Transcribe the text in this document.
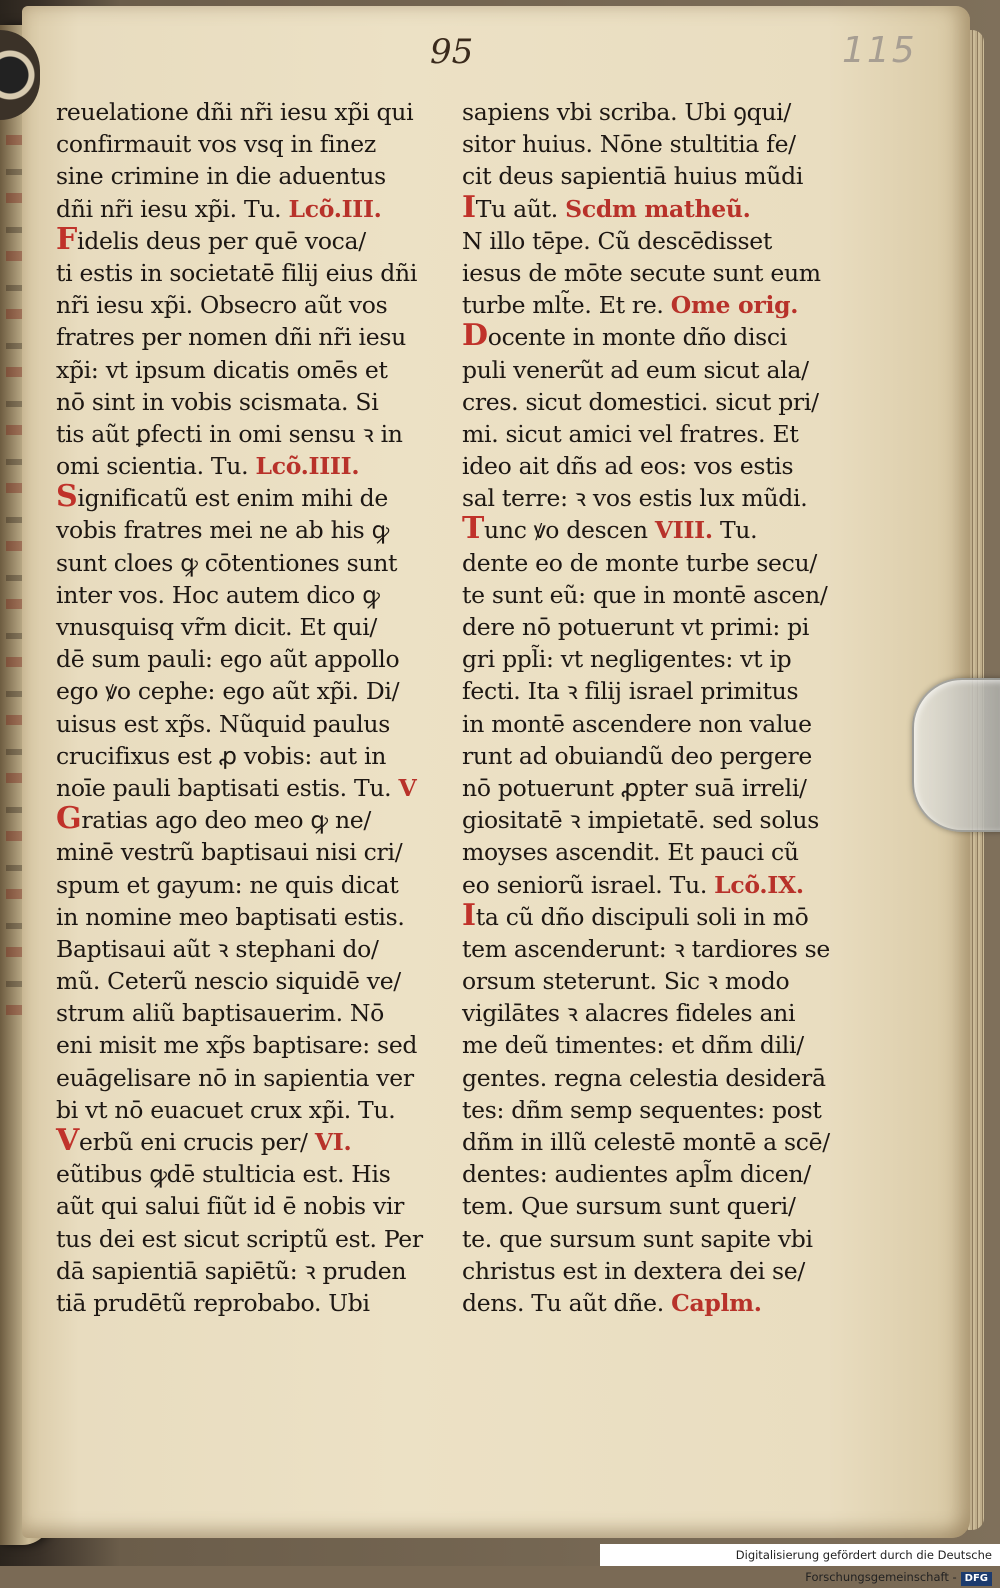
95	115
reuelatione dñi nr̃i iesu xp̃i qui
confirmauit vos vsq in finez
sine crimine in die aduentus
dñi nr̃i iesu xp̃i. Tu. Lcõ.III.
Fidelis deus per quē voca/
ti estis in societatē filij eius dñi
nr̃i iesu xp̃i. Obsecro aũt vos
fratres per nomen dñi nr̃i iesu
xp̃i: vt ipsum dicatis omēs et
nō sint in vobis scismata. Si
tis aũt ꝑfecti in omi sensu ꝛ in
omi scientia. Tu. Lcõ.IIII.
Significatũ est enim mihi de
vobis fratres mei ne ab his ꝙ
sunt cloes ꝙ cōtentiones sunt
inter vos. Hoc autem dico ꝙ
vnusquisq vr̃m dicit. Et qui/
dē sum pauli: ego aũt appollo
ego ꝟo cephe: ego aũt xp̃i. Di/
uisus est xp̃s. Nũquid paulus
crucifixus est ꝓ vobis: aut in
noīe pauli baptisati estis. Tu. V
Gratias ago deo meo ꝙ ne/
minē vestrũ baptisaui nisi cri/
spum et gayum: ne quis dicat
in nomine meo baptisati estis.
Baptisaui aũt ꝛ stephani do/
mũ. Ceterũ nescio siquidē ve/
strum aliũ baptisauerim. Nō
eni misit me xp̃s baptisare: sed
euāgelisare nō in sapientia ver
bi vt nō euacuet crux xp̃i. Tu.
Verbũ eni crucis per/ VI.
eũtibus ꝙdē stulticia est. His
aũt qui salui fiũt id ē nobis vir
tus dei est sicut scriptũ est. Per
dā sapientiā sapiētũ: ꝛ pruden
tiā prudētũ reprobabo. Ubi
sapiens vbi scriba. Ubi ꝯqui/
sitor huius. Nōne stultitia fe/
cit deus sapientiā huius mũdi
ITu aũt. Scdm matheũ.
N illo tēpe. Cũ descēdisset
iesus de mōte secute sunt eum
turbe mlt̃e. Et re. Ome orig.
Docente in monte dño disci
puli venerũt ad eum sicut ala/
cres. sicut domestici. sicut pri/
mi. sicut amici vel fratres. Et
ideo ait dñs ad eos: vos estis
sal terre: ꝛ vos estis lux mũdi.
Tunc ꝟo descen VIII. Tu.
dente eo de monte turbe secu/
te sunt eũ: que in montē ascen/
dere nō potuerunt vt primi: pi
gri ppl̃i: vt negligentes: vt ip
fecti. Ita ꝛ filij israel primitus
in montē ascendere non value
runt ad obuiandũ deo pergere
nō potuerunt ꝓpter suā irreli/
giositatē ꝛ impietatē. sed solus
moyses ascendit. Et pauci cũ
eo seniorũ israel. Tu. Lcõ.IX.
Ita cũ dño discipuli soli in mō
tem ascenderunt: ꝛ tardiores se
orsum steterunt. Sic ꝛ modo
vigilātes ꝛ alacres fideles ani
me deũ timentes: et dñm dili/
gentes. regna celestia desiderā
tes: dñm semp sequentes: post
dñm in illũ celestē montē a scē/
dentes: audientes apl̃m dicen/
tem. Que sursum sunt queri/
te. que sursum sunt sapite vbi
christus est in dextera dei se/
dens. Tu aũt dñe. Caplm.
Digitalisierung gefördert durch die Deutsche Forschungsgemeinschaft - DFG
